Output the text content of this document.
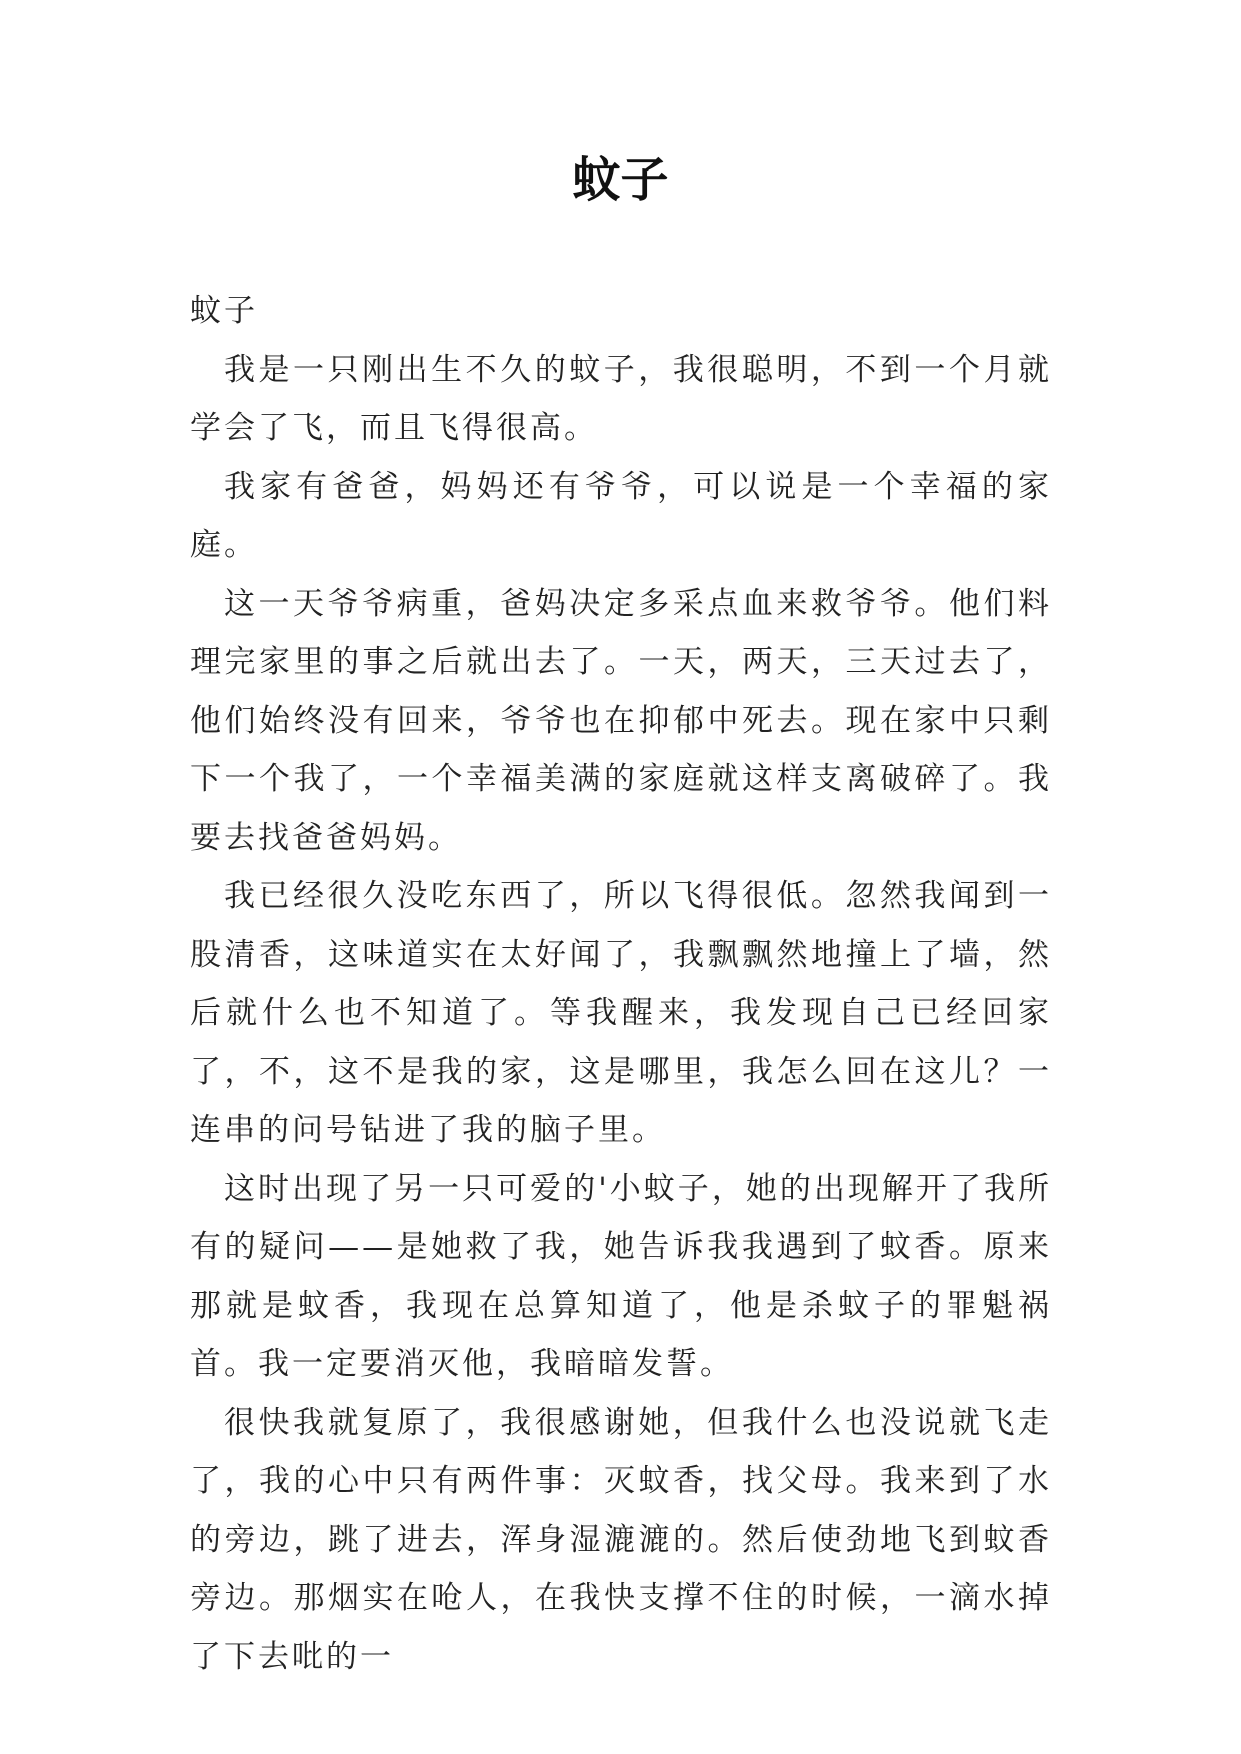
蚊子

蚊子

我是一只刚出生不久的蚊子，我很聪明，不到一个月就学会了飞，而且飞得很高。

我家有爸爸，妈妈还有爷爷，可以说是一个幸福的家庭。

这一天爷爷病重，爸妈决定多采点血来救爷爷。他们料理完家里的事之后就出去了。一天，两天，三天过去了，他们始终没有回来，爷爷也在抑郁中死去。现在家中只剩下一个我了，一个幸福美满的家庭就这样支离破碎了。我要去找爸爸妈妈。

我已经很久没吃东西了，所以飞得很低。忽然我闻到一股清香，这味道实在太好闻了，我飘飘然地撞上了墙，然后就什么也不知道了。等我醒来，我发现自己已经回家了，不，这不是我的家，这是哪里，我怎么回在这儿？一连串的问号钻进了我的脑子里。

这时出现了另一只可爱的'小蚊子，她的出现解开了我所有的疑问——是她救了我，她告诉我我遇到了蚊香。原来那就是蚊香，我现在总算知道了，他是杀蚊子的罪魁祸首。我一定要消灭他，我暗暗发誓。

很快我就复原了，我很感谢她，但我什么也没说就飞走了，我的心中只有两件事：灭蚊香，找父母。我来到了水的旁边，跳了进去，浑身湿漉漉的。然后使劲地飞到蚊香旁边。那烟实在呛人，在我快支撑不住的时候，一滴水掉了下去吡的一
